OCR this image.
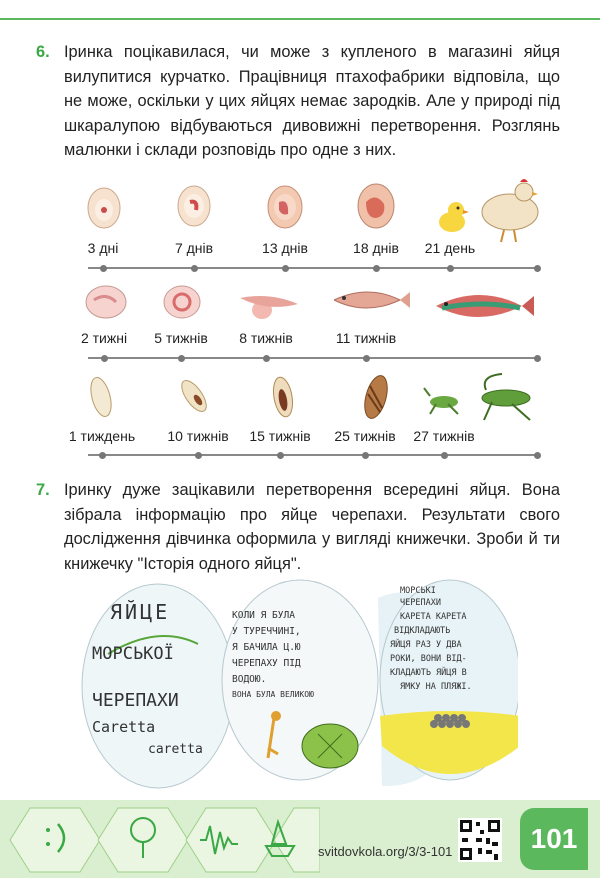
6. Іринка поцікавилася, чи може з купленого в магазині яйця вилупитися курчатко. Працівниця птахофабрики відповіла, що не може, оскільки у цих яйцях немає зародків. Але у природі під шкаралупою відбуваються дивовижні перетворення. Розглянь малюнки і склади розповідь про одне з них.

3 дні	7 днів	13 днів	18 днів 21 день
2 тижні 5 тижнів 8 тижнів	11 тижнів
1 тиждень 10 тижнів 15 тижнів 25 тижнів 27 тижнів
7. Іринку дуже зацікавили перетворення всередині яйця. Вона зібрала інформацію про яйце черепахи. Результати свого дослідження дівчинка оформила у вигляді книжечки. Зроби й ти книжечку "Історія одного яйця".

ЯЙЦЕ
МОРСЬКОЇ
ЧЕРЕПАХИ
Caretta
caretta
КОЛИ Я БУЛА
У ТУРЕЧЧИНІ,
Я БАЧИЛА Ц.Ю
ЧЕРЕПАХУ ПІД
ВОДОЮ.
ВОНА БУЛА ВЕЛИКОЮ
МОРСЬКІ
ЧЕРЕПАХИ
КАРЕТА КАРЕТА
ВІДКЛАДАЮТЬ
ЯЙЦЯ РАЗ У ДВА
РОКИ, ВОНИ ВІД-
КЛАДАЮТЬ ЯЙЦЯ В
ЯМКУ НА ПЛЯЖІ.
svitdovkola.org/3/3-101	101
